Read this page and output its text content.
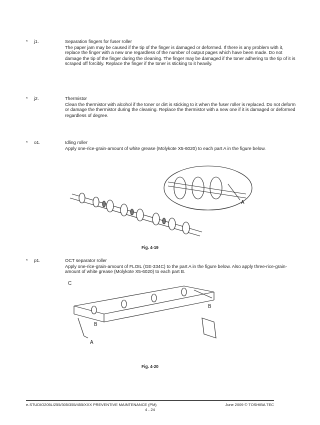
* j1.	Separation fingers for fuser roller

The paper jam may be caused if the tip of the finger is damaged or deformed. If there is any problem with it, replace the finger with a new one regardless of the number of output pages which have been made. Do not damage the tip of the finger during the cleaning. The finger may be damaged if the toner adhering to the tip of it is scraped off forcibly. Replace the finger if the toner is sticking to it heavily.

* j2.	Thermistor

Clean the thermistor with alcohol if the toner or dirt is sticking to it when the fuser roller is replaced. Do not deform or damage the thermistor during the cleaning. Replace the thermistor with a new one if it is damaged or deformed regardless of degree.

* o1.	Idling roller

Apply one-rice-grain-amount of white grease (Molykote X5-6020) to each part A in the figure below.

A
Fig. 4-19
* p1.	OCT separator roller

Apply one-rice-grain-amount of FLOIL (GE-334C) to the part A in the figure below. Also apply three-rice-grain-amount of white grease (Molykote X5-6020) to each part B.

C
B
A
B
Fig. 4-20
e-STUDIO205L/255/305/355/455/XXX PREVENTIVE MAINTENANCE (PM)	June 2009 © TOSHIBA TEC
4 - 24
